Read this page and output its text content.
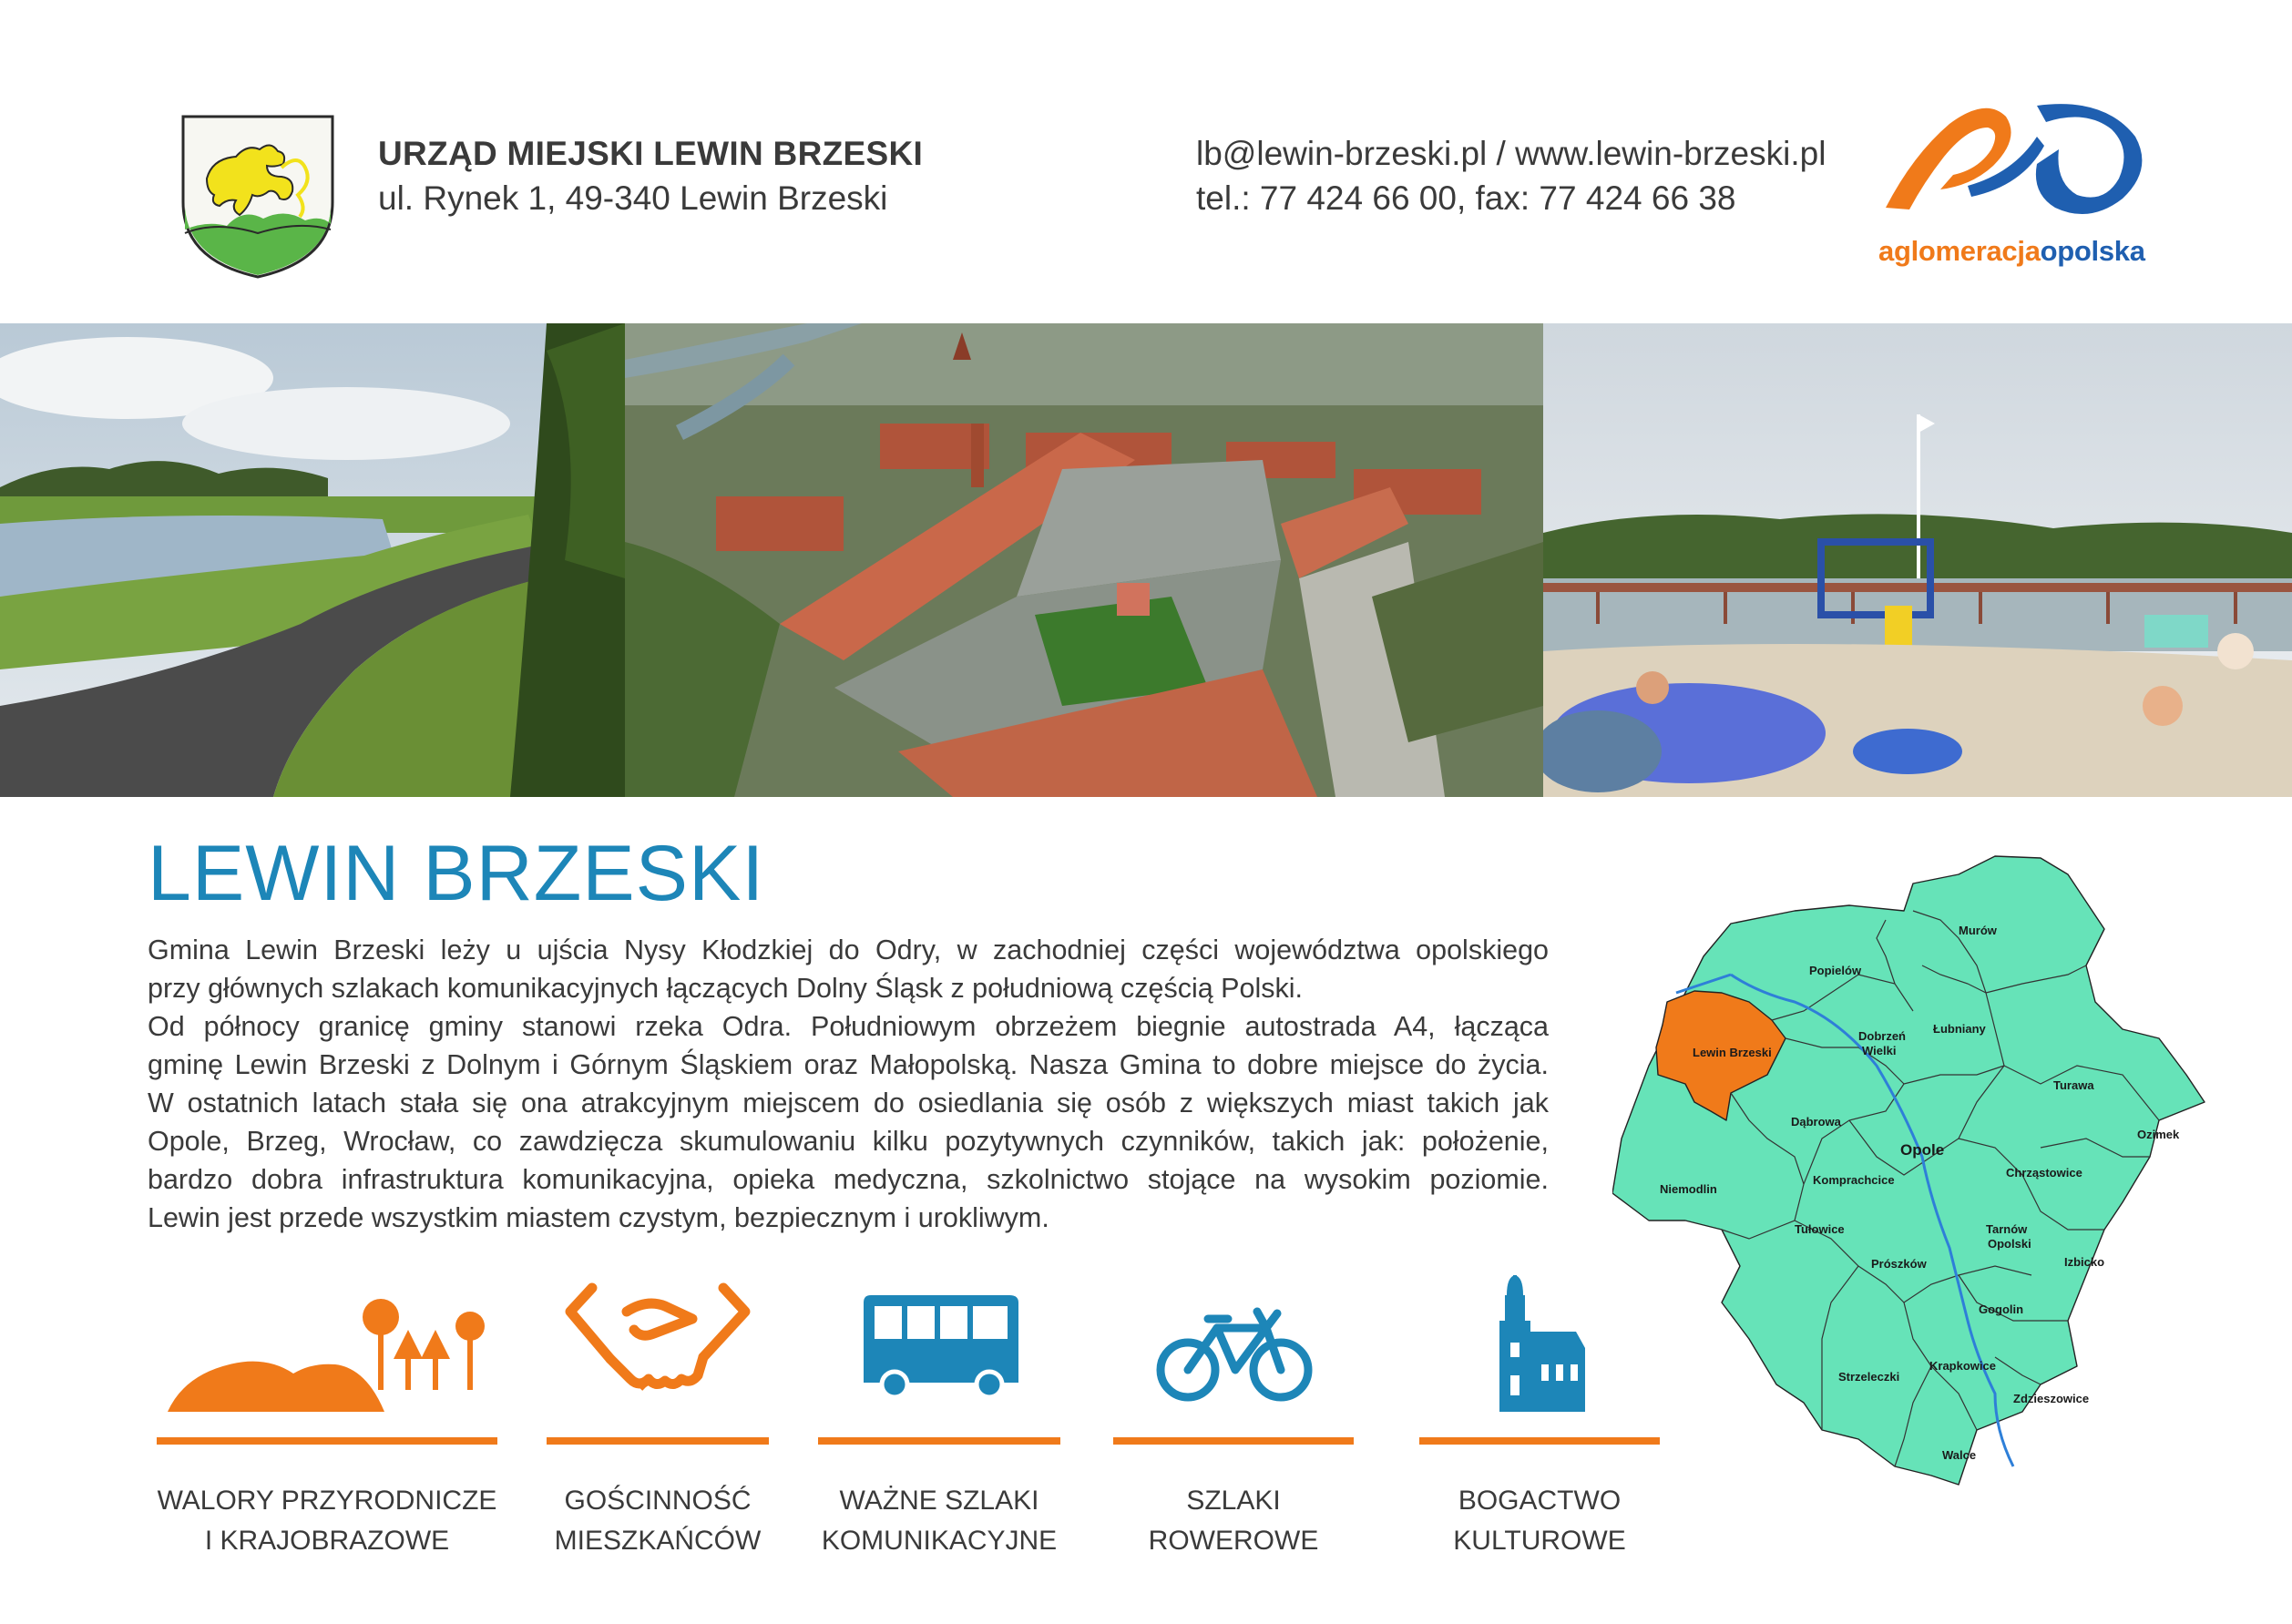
URZĄD MIEJSKI LEWIN BRZESKI
ul. Rynek 1, 49-340 Lewin Brzeski
lb@lewin-brzeski.pl / www.lewin-brzeski.pl
tel.: 77 424 66 00, fax: 77 424 66 38
aglomeracjaopolska
LEWIN BRZESKI

Gmina Lewin Brzeski leży u ujścia Nysy Kłodzkiej do Odry, w zachodniej części województwa opolskiego

przy głównych szlakach komunikacyjnych łączących Dolny Śląsk z południową częścią Polski.

Od północy granicę gminy stanowi rzeka Odra. Południowym obrzeżem biegnie autostrada A4, łącząca

gminę Lewin Brzeski z Dolnym i Górnym Śląskiem oraz Małopolską. Nasza Gmina to dobre miejsce do życia.

W ostatnich latach stała się ona atrakcyjnym miejscem do osiedlania się osób z większych miast takich jak

Opole, Brzeg, Wrocław, co zawdzięcza skumulowaniu kilku pozytywnych czynników, takich jak: położenie,

bardzo dobra infrastruktura komunikacyjna, opieka medyczna, szkolnictwo stojące na wysokim poziomie.

Lewin jest przede wszystkim miastem czystym, bezpiecznym i urokliwym.

WALORY PRZYRODNICZE
I KRAJOBRAZOWE
GOŚCINNOŚĆ
MIESZKAŃCÓW
WAŻNE SZLAKI
KOMUNIKACYJNE
SZLAKI
ROWEROWE
BOGACTWO
KULTUROWE
Murów
Popielów
Lewin Brzeski
Dobrzeń
Wielki
Łubniany
Turawa
Dąbrowa
Opole
Ozimek
Niemodlin
Komprachcice
Chrząstowice
Tułowice	Tarnów
Opolski
Izbicko
Prószków
Gogolin
Strzeleczki
Krapkowice
Zdzieszowice
Walce
